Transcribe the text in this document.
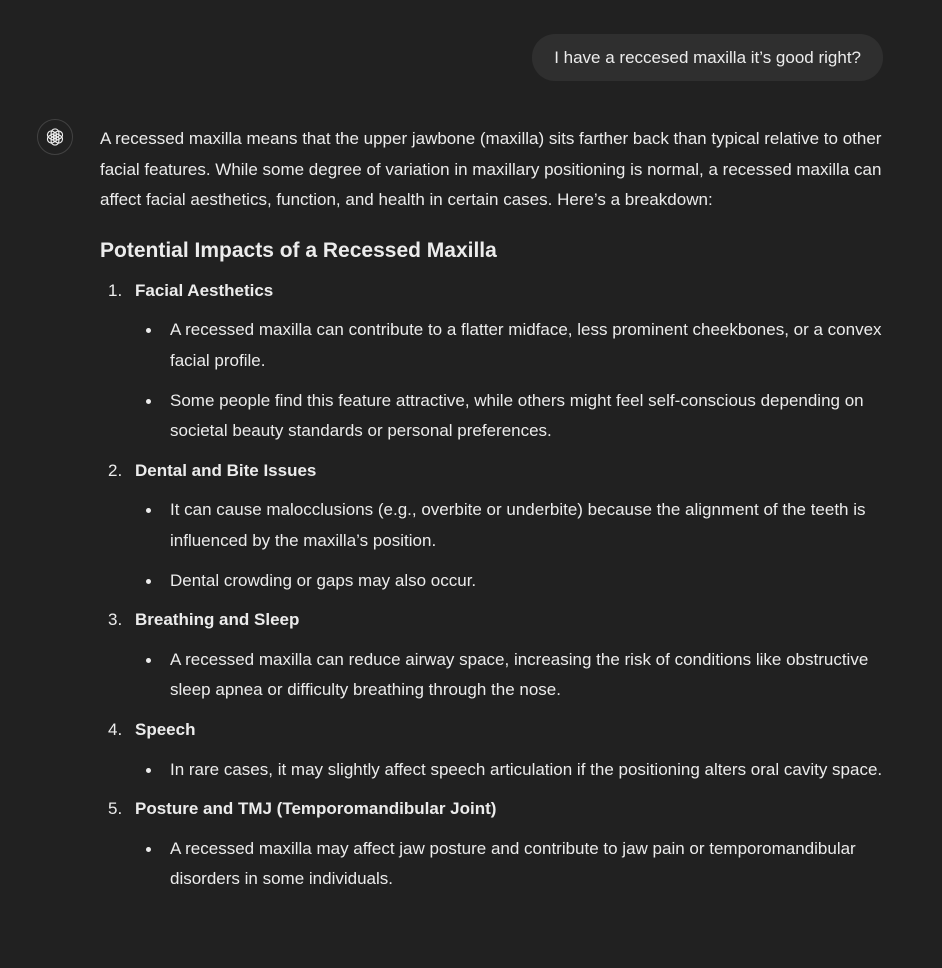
I have a reccesed maxilla it’s good right?

A recessed maxilla means that the upper jawbone (maxilla) sits farther back than typical relative to other facial features. While some degree of variation in maxillary positioning is normal, a recessed maxilla can affect facial aesthetics, function, and health in certain cases. Here’s a breakdown:

Potential Impacts of a Recessed Maxilla
1. Facial Aesthetics
A recessed maxilla can contribute to a flatter midface, less prominent cheekbones, or a convex facial profile.
Some people find this feature attractive, while others might feel self-conscious depending on societal beauty standards or personal preferences.
2. Dental and Bite Issues
It can cause malocclusions (e.g., overbite or underbite) because the alignment of the teeth is influenced by the maxilla’s position.
Dental crowding or gaps may also occur.
3. Breathing and Sleep
A recessed maxilla can reduce airway space, increasing the risk of conditions like obstructive sleep apnea or difficulty breathing through the nose.
4. Speech
In rare cases, it may slightly affect speech articulation if the positioning alters oral cavity space.
5. Posture and TMJ (Temporomandibular Joint)
A recessed maxilla may affect jaw posture and contribute to jaw pain or temporomandibular disorders in some individuals.
